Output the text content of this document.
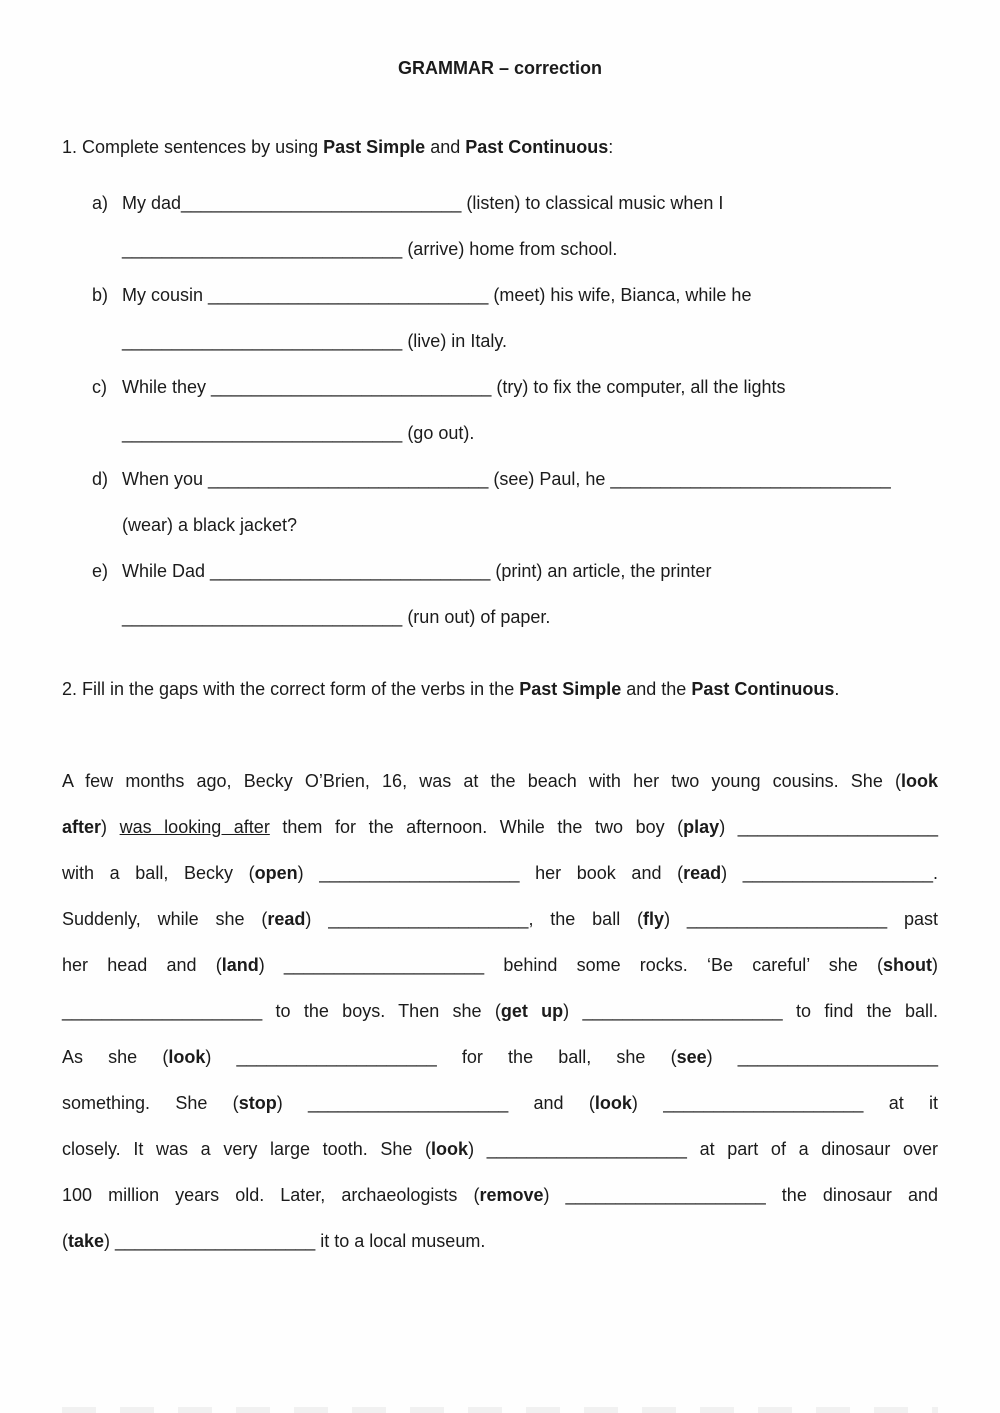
GRAMMAR – correction
1. Complete sentences by using Past Simple and Past Continuous:
a) My dad____________________________ (listen) to classical music when I
____________________________ (arrive) home from school.
b) My cousin ____________________________ (meet) his wife, Bianca, while he
____________________________ (live) in Italy.
c) While they ____________________________ (try) to fix the computer, all the lights
____________________________ (go out).
d) When you ____________________________ (see) Paul, he ____________________________
(wear) a black jacket?
e) While Dad ____________________________ (print) an article, the printer
____________________________ (run out) of paper.
2. Fill in the gaps with the correct form of the verbs in the Past Simple and the Past Continuous.
A few months ago, Becky O’Brien, 16, was at the beach with her two young cousins. She (look
after) was looking after them for the afternoon. While the two boy (play) ____________________
with a ball, Becky (open) ____________________ her book and (read) ___________________.
Suddenly, while she (read) ____________________, the ball (fly) ____________________ past
her head and (land) ____________________ behind some rocks. ‘Be careful’ she (shout)
____________________ to the boys. Then she (get up) ____________________ to find the ball.
As she (look) ____________________ for the ball, she (see) ____________________
something. She (stop) ____________________ and (look) ____________________ at it
closely. It was a very large tooth. She (look) ____________________ at part of a dinosaur over
100 million years old. Later, archaeologists (remove) ____________________ the dinosaur and
(take) ____________________ it to a local museum.
